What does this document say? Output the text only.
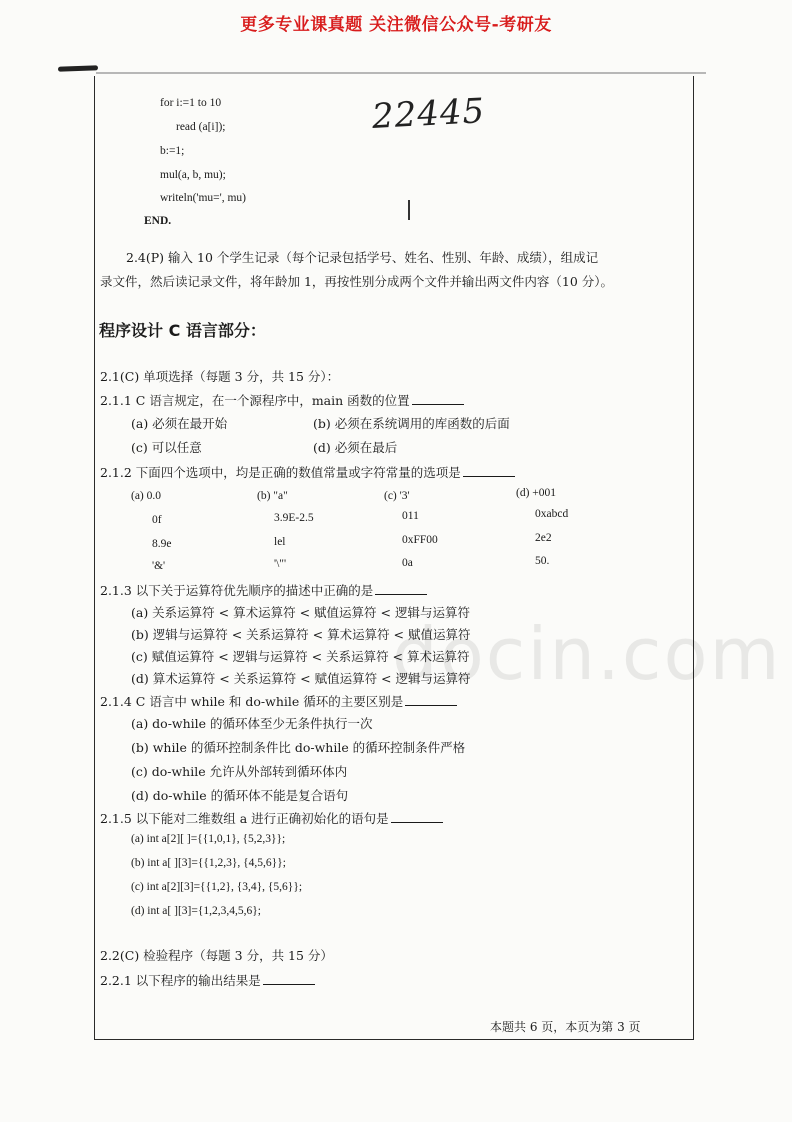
更多专业课真题 关注微信公众号-考研友
for i:=1 to 10
read (a[i]);
b:=1;
mul(a, b, mu);
writeln('mu=', mu)
END.
22445
2.4(P) 输入 10 个学生记录（每个记录包括学号、姓名、性别、年龄、成绩），组成记
录文件，然后读记录文件，将年龄加 1，再按性别分成两个文件并输出两文件内容（10 分）。
程序设计 C 语言部分：
2.1(C) 单项选择（每题 3 分，共 15 分）：
2.1.1 C 语言规定，在一个源程序中，main 函数的位置
(a) 必须在最开始	(b) 必须在系统调用的库函数的后面
(c) 可以任意	(d) 必须在最后
2.1.2 下面四个选项中，均是正确的数值常量或字符常量的选项是
(a) 0.0	(b) "a"	(c) '3'	(d) +001
0f	3.9E-2.5	011	0xabcd
8.9e	lel	0xFF00	2e2
'&'	'\"'	0a	50.
2.1.3 以下关于运算符优先顺序的描述中正确的是
(a) 关系运算符 < 算术运算符 < 赋值运算符 < 逻辑与运算符
(b) 逻辑与运算符 < 关系运算符 < 算术运算符 < 赋值运算符
(c) 赋值运算符 < 逻辑与运算符 < 关系运算符 < 算术运算符
(d) 算术运算符 < 关系运算符 < 赋值运算符 < 逻辑与运算符
2.1.4 C 语言中 while 和 do-while 循环的主要区别是
(a) do-while 的循环体至少无条件执行一次
(b) while 的循环控制条件比 do-while 的循环控制条件严格
(c) do-while 允许从外部转到循环体内
(d) do-while 的循环体不能是复合语句
2.1.5 以下能对二维数组 a 进行正确初始化的语句是
(a) int a[2][ ]={{1,0,1}, {5,2,3}};
(b) int a[ ][3]={{1,2,3}, {4,5,6}};
(c) int a[2][3]={{1,2}, {3,4}, {5,6}};
(d) int a[ ][3]={1,2,3,4,5,6};
2.2(C) 检验程序（每题 3 分，共 15 分）
2.2.1 以下程序的输出结果是
docin.com
本题共 6 页，本页为第 3 页
